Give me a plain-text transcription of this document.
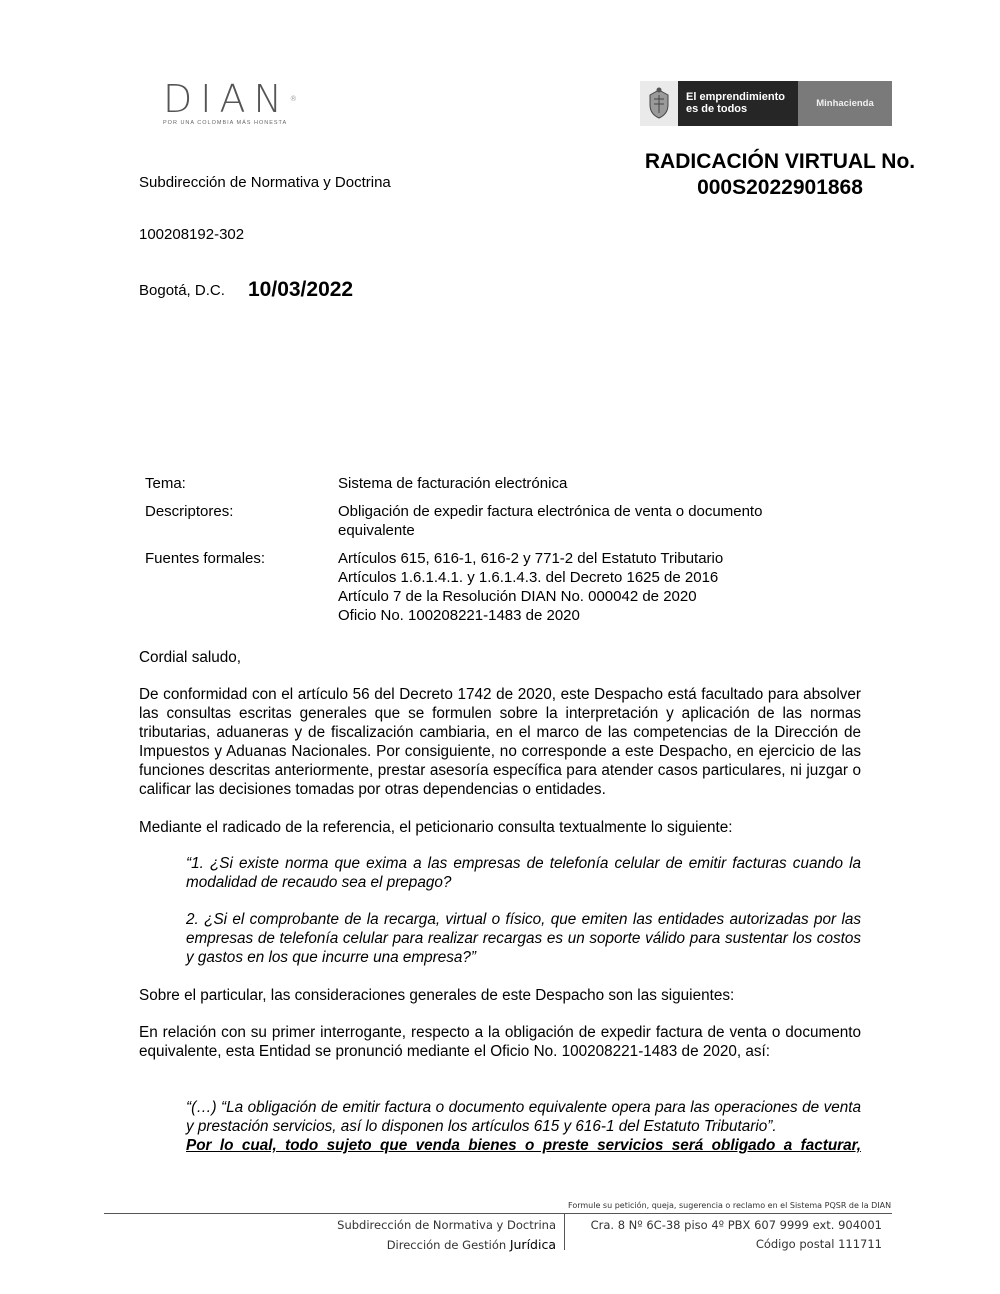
DIAN®
POR UNA COLOMBIA MÁS HONESTA
El emprendimiento
es de todos	Minhacienda
RADICACIÓN VIRTUAL No.
000S2022901868
Subdirección de Normativa y Doctrina
100208192-302
Bogotá, D.C. 10/03/2022
Tema:	Sistema de facturación electrónica
Descriptores:	Obligación de expedir factura electrónica de venta o documento
equivalente
Fuentes formales:	Artículos 615, 616-1, 616-2 y 771-2 del Estatuto Tributario
Artículos 1.6.1.4.1. y 1.6.1.4.3. del Decreto 1625 de 2016
Artículo 7 de la Resolución DIAN No. 000042 de 2020
Oficio No. 100208221-1483 de 2020
Cordial saludo,
De conformidad con el artículo 56 del Decreto 1742 de 2020, este Despacho está facultado para absolver las consultas escritas generales que se formulen sobre la interpretación y aplicación de las normas tributarias, aduaneras y de fiscalización cambiaria, en el marco de las competencias de la Dirección de Impuestos y Aduanas Nacionales. Por consiguiente, no corresponde a este Despacho, en ejercicio de las funciones descritas anteriormente, prestar asesoría específica para atender casos particulares, ni juzgar o calificar las decisiones tomadas por otras dependencias o entidades.
Mediante el radicado de la referencia, el peticionario consulta textualmente lo siguiente:
“1. ¿Si existe norma que exima a las empresas de telefonía celular de emitir facturas cuando la modalidad de recaudo sea el prepago?
2. ¿Si el comprobante de la recarga, virtual o físico, que emiten las entidades autorizadas por las empresas de telefonía celular para realizar recargas es un soporte válido para sustentar los costos y gastos en los que incurre una empresa?”
Sobre el particular, las consideraciones generales de este Despacho son las siguientes:
En relación con su primer interrogante, respecto a la obligación de expedir factura de venta o documento equivalente, esta Entidad se pronunció mediante el Oficio No. 100208221-1483 de 2020, así:
“(…) “La obligación de emitir factura o documento equivalente opera para las operaciones de venta y prestación servicios, así lo disponen los artículos 615 y 616-1 del Estatuto Tributario”.
Por lo cual, todo sujeto que venda bienes o preste servicios será obligado a facturar,
Formule su petición, queja, sugerencia o reclamo en el Sistema PQSR de la DIAN
Subdirección de Normativa y Doctrina
Dirección de Gestión Jurídica
Cra. 8 Nº 6C-38 piso 4º PBX 607 9999 ext. 904001
Código postal 111711
